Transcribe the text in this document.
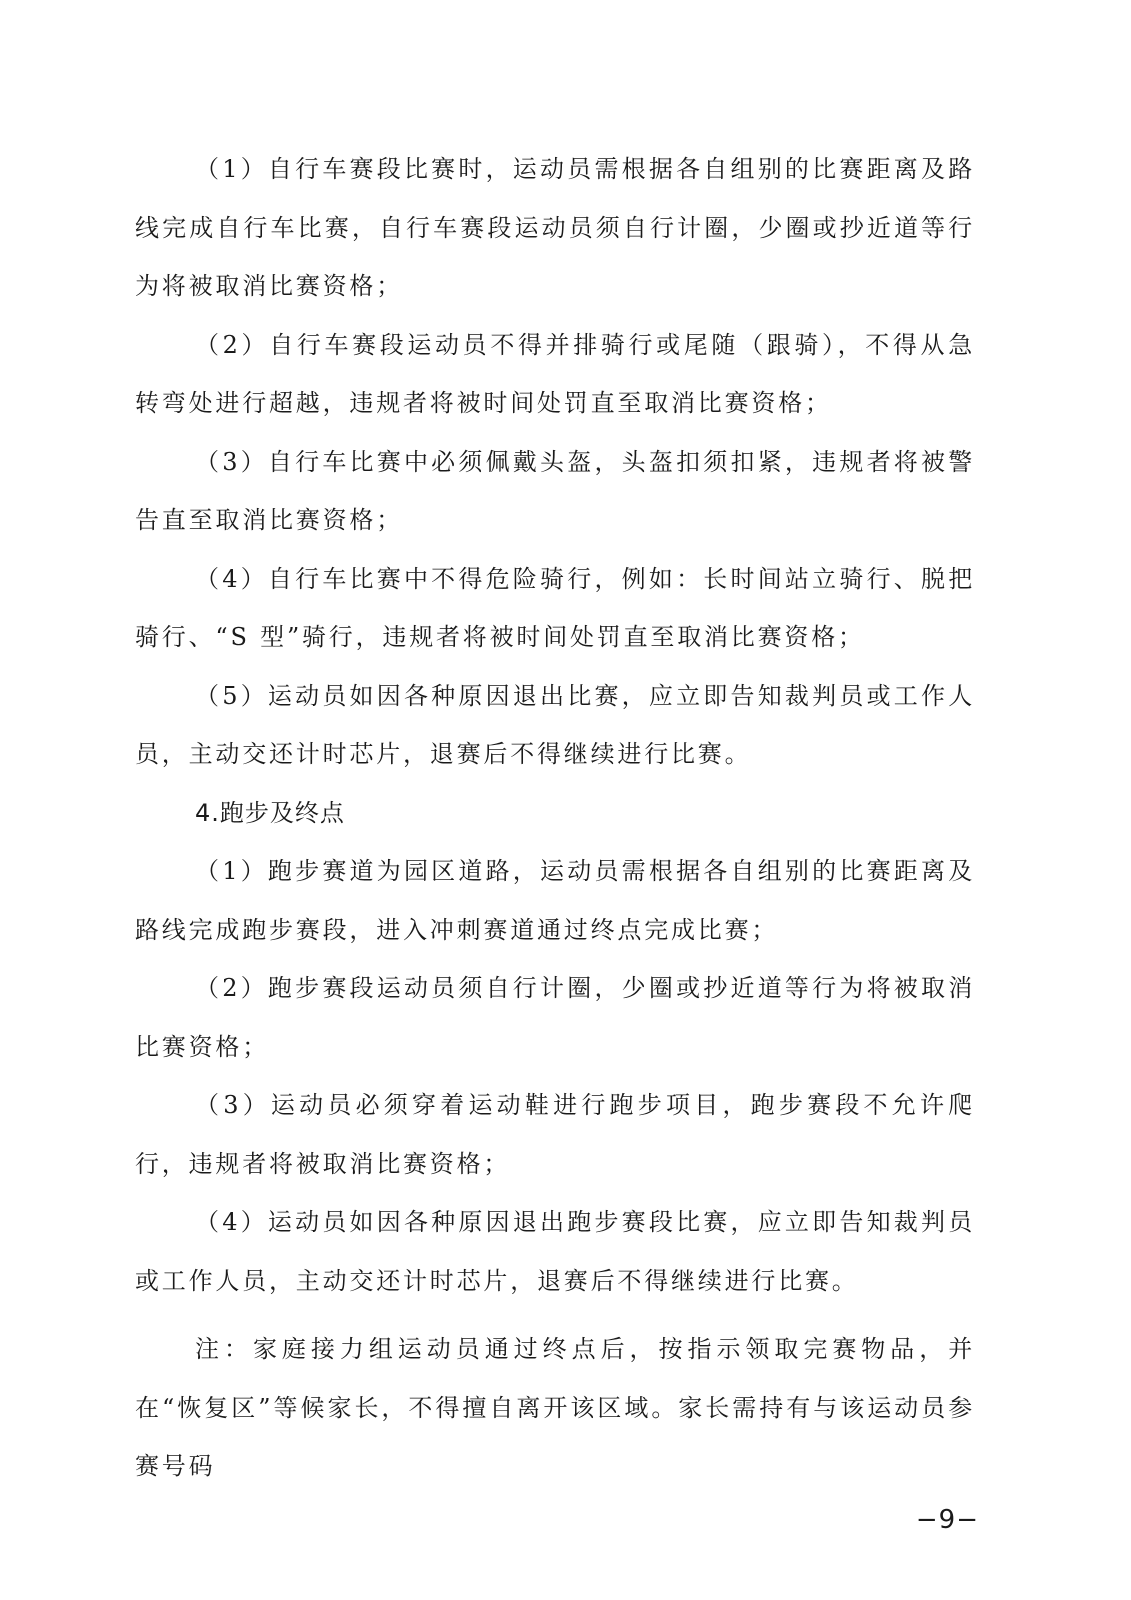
（1）自行车赛段比赛时，运动员需根据各自组别的比赛距离及路线完成自行车比赛，自行车赛段运动员须自行计圈，少圈或抄近道等行为将被取消比赛资格；

（2）自行车赛段运动员不得并排骑行或尾随（跟骑），不得从急转弯处进行超越，违规者将被时间处罚直至取消比赛资格；

（3）自行车比赛中必须佩戴头盔，头盔扣须扣紧，违规者将被警告直至取消比赛资格；

（4）自行车比赛中不得危险骑行，例如：长时间站立骑行、脱把骑行、“S 型”骑行，违规者将被时间处罚直至取消比赛资格；

（5）运动员如因各种原因退出比赛，应立即告知裁判员或工作人员，主动交还计时芯片，退赛后不得继续进行比赛。

4.跑步及终点

（1）跑步赛道为园区道路，运动员需根据各自组别的比赛距离及路线完成跑步赛段，进入冲刺赛道通过终点完成比赛；

（2）跑步赛段运动员须自行计圈，少圈或抄近道等行为将被取消比赛资格；

（3）运动员必须穿着运动鞋进行跑步项目，跑步赛段不允许爬行，违规者将被取消比赛资格；

（4）运动员如因各种原因退出跑步赛段比赛，应立即告知裁判员或工作人员，主动交还计时芯片，退赛后不得继续进行比赛。

注：家庭接力组运动员通过终点后，按指示领取完赛物品，并在“恢复区”等候家长，不得擅自离开该区域。家长需持有与该运动员参赛号码

−9−
